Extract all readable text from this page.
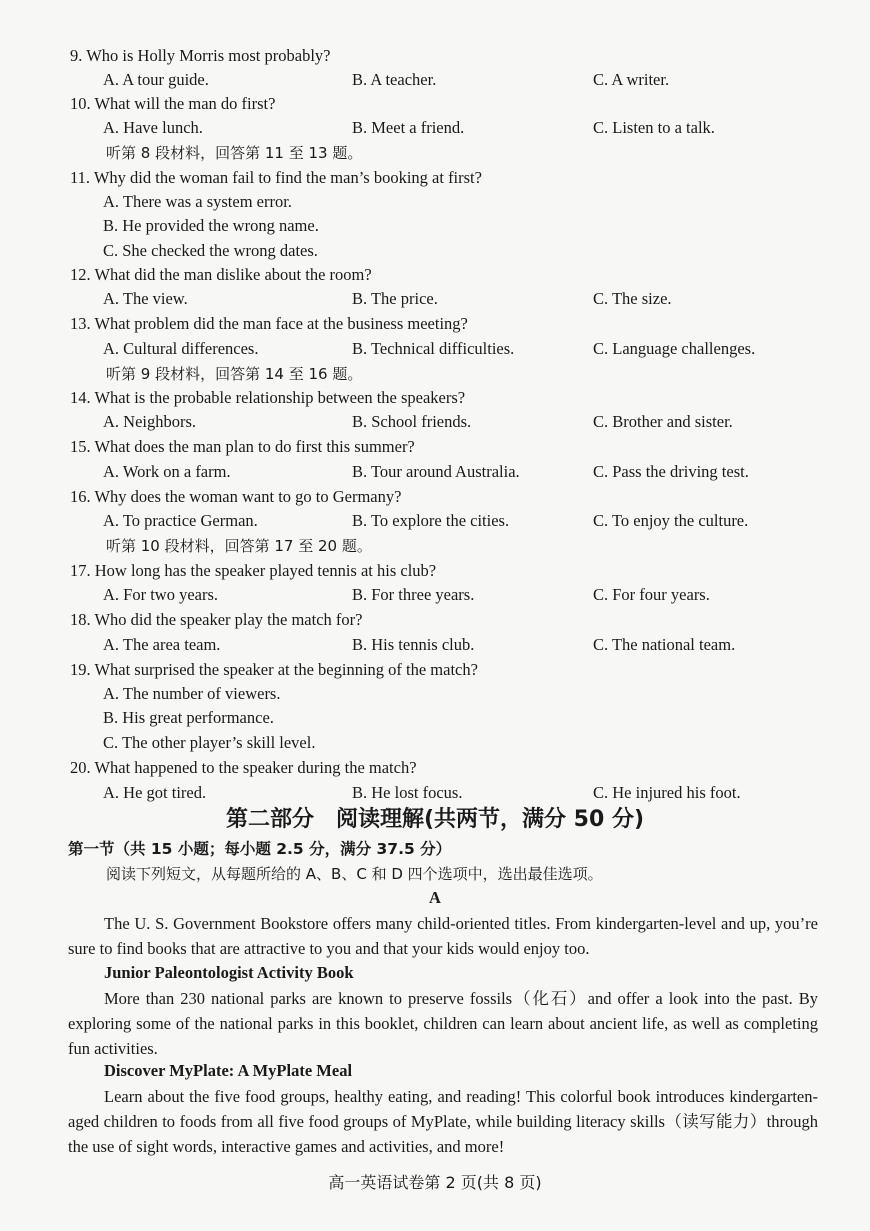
9. Who is Holly Morris most probably?
A. A tour guide.	B. A teacher.	C. A writer.
10. What will the man do first?
A. Have lunch.	B. Meet a friend.	C. Listen to a talk.
听第 8 段材料，回答第 11 至 13 题。
11. Why did the woman fail to find the man’s booking at first?
A. There was a system error.
B. He provided the wrong name.
C. She checked the wrong dates.
12. What did the man dislike about the room?
A. The view.	B. The price.	C. The size.
13. What problem did the man face at the business meeting?
A. Cultural differences.	B. Technical difficulties.	C. Language challenges.
听第 9 段材料，回答第 14 至 16 题。
14. What is the probable relationship between the speakers?
A. Neighbors.	B. School friends.	C. Brother and sister.
15. What does the man plan to do first this summer?
A. Work on a farm.	B. Tour around Australia.	C. Pass the driving test.
16. Why does the woman want to go to Germany?
A. To practice German.	B. To explore the cities.	C. To enjoy the culture.
听第 10 段材料，回答第 17 至 20 题。
17. How long has the speaker played tennis at his club?
A. For two years.	B. For three years.	C. For four years.
18. Who did the speaker play the match for?
A. The area team.	B. His tennis club.	C. The national team.
19. What surprised the speaker at the beginning of the match?
A. The number of viewers.
B. His great performance.
C. The other player’s skill level.
20. What happened to the speaker during the match?
A. He got tired.	B. He lost focus.	C. He injured his foot.
第二部分　阅读理解(共两节，满分 50 分)
第一节（共 15 小题；每小题 2.5 分，满分 37.5 分）
阅读下列短文，从每题所给的 A、B、C 和 D 四个选项中，选出最佳选项。
A
The U. S. Government Bookstore offers many child-oriented titles. From kindergarten-level and up, you’re sure to find books that are attractive to you and that your kids would enjoy too.
Junior Paleontologist Activity Book
More than 230 national parks are known to preserve fossils（化石）and offer a look into the past. By exploring some of the national parks in this booklet, children can learn about ancient life, as well as completing fun activities.
Discover MyPlate: A MyPlate Meal
Learn about the five food groups, healthy eating, and reading! This colorful book introduces kindergarten-aged children to foods from all five food groups of MyPlate, while building literacy skills（读写能力）through the use of sight words, interactive games and activities, and more!
高一英语试卷第 2 页(共 8 页)
